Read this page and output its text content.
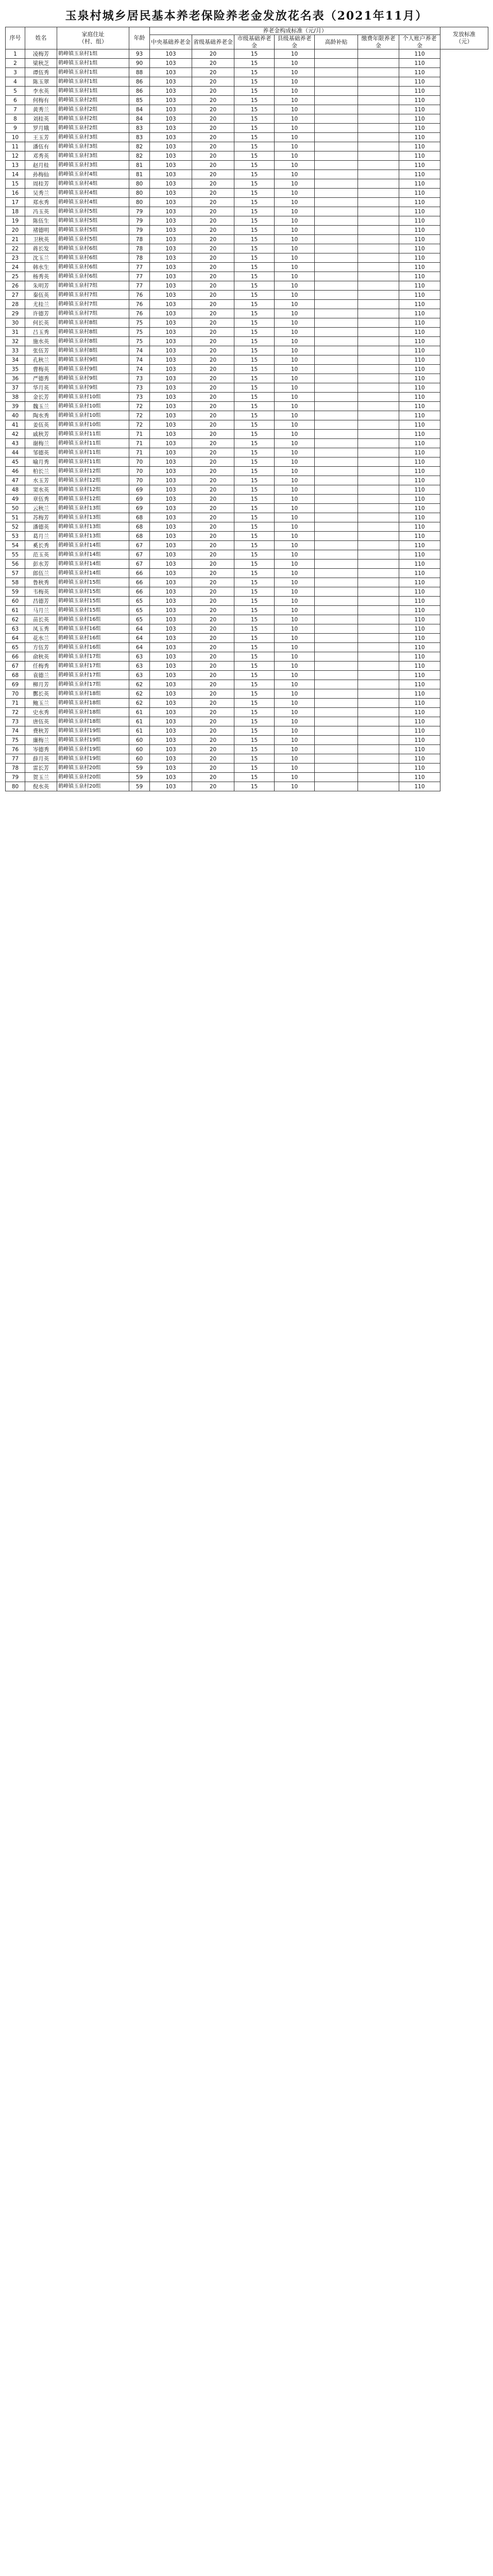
玉泉村城乡居民基本养老保险养老金发放花名表（2021年11月）
序号	姓名	家庭住址
（村、组）	年龄	养老金构成标准（元/月）							发放标准
（元）
				中央基础养老金	省级基础养老金	市级基础养老金	县级基础养老金	高龄补贴	缴费年限养老金	个人账户养老金	
1	凌梅芳	鹤峰镇玉泉村1组	93	103	20	15	10			110	
2	梁秋芝	鹤峰镇玉泉村1组	90	103	20	15	10			110	
3	谭伍秀	鹤峰镇玉泉村1组	88	103	20	15	10			110	
4	陈玉翠	鹤峰镇玉泉村1组	86	103	20	15	10			110	
5	李水英	鹤峰镇玉泉村1组	86	103	20	15	10			110	
6	何梅有	鹤峰镇玉泉村2组	85	103	20	15	10			110	
7	黄秀兰	鹤峰镇玉泉村2组	84	103	20	15	10			110	
8	刘桂英	鹤峰镇玉泉村2组	84	103	20	15	10			110	
9	罗月娥	鹤峰镇玉泉村2组	83	103	20	15	10			110	
10	王玉芳	鹤峰镇玉泉村3组	83	103	20	15	10			110	
11	潘伍有	鹤峰镇玉泉村3组	82	103	20	15	10			110	
12	邓秀英	鹤峰镇玉泉村3组	82	103	20	15	10			110	
13	赵月桂	鹤峰镇玉泉村3组	81	103	20	15	10			110	
14	孙梅仙	鹤峰镇玉泉村4组	81	103	20	15	10			110	
15	周桂芳	鹤峰镇玉泉村4组	80	103	20	15	10			110	
16	吴秀兰	鹤峰镇玉泉村4组	80	103	20	15	10			110	
17	郑水秀	鹤峰镇玉泉村4组	80	103	20	15	10			110	
18	冯玉英	鹤峰镇玉泉村5组	79	103	20	15	10			110	
19	陈伍生	鹤峰镇玉泉村5组	79	103	20	15	10			110	
20	褚德明	鹤峰镇玉泉村5组	79	103	20	15	10			110	
21	卫秋英	鹤峰镇玉泉村5组	78	103	20	15	10			110	
22	蒋长发	鹤峰镇玉泉村6组	78	103	20	15	10			110	
23	沈玉兰	鹤峰镇玉泉村6组	78	103	20	15	10			110	
24	韩水生	鹤峰镇玉泉村6组	77	103	20	15	10			110	
25	杨秀英	鹤峰镇玉泉村6组	77	103	20	15	10			110	
26	朱明芳	鹤峰镇玉泉村7组	77	103	20	15	10			110	
27	秦伍英	鹤峰镇玉泉村7组	76	103	20	15	10			110	
28	尤桂兰	鹤峰镇玉泉村7组	76	103	20	15	10			110	
29	许德芳	鹤峰镇玉泉村7组	76	103	20	15	10			110	
30	何长英	鹤峰镇玉泉村8组	75	103	20	15	10			110	
31	吕玉秀	鹤峰镇玉泉村8组	75	103	20	15	10			110	
32	施水英	鹤峰镇玉泉村8组	75	103	20	15	10			110	
33	张伍芳	鹤峰镇玉泉村8组	74	103	20	15	10			110	
34	孔秋兰	鹤峰镇玉泉村9组	74	103	20	15	10			110	
35	曹梅英	鹤峰镇玉泉村9组	74	103	20	15	10			110	
36	严德秀	鹤峰镇玉泉村9组	73	103	20	15	10			110	
37	华月英	鹤峰镇玉泉村9组	73	103	20	15	10			110	
38	金长芳	鹤峰镇玉泉村10组	73	103	20	15	10			110	
39	魏玉兰	鹤峰镇玉泉村10组	72	103	20	15	10			110	
40	陶水秀	鹤峰镇玉泉村10组	72	103	20	15	10			110	
41	姜伍英	鹤峰镇玉泉村10组	72	103	20	15	10			110	
42	戚秋芳	鹤峰镇玉泉村11组	71	103	20	15	10			110	
43	谢梅兰	鹤峰镇玉泉村11组	71	103	20	15	10			110	
44	邹德英	鹤峰镇玉泉村11组	71	103	20	15	10			110	
45	喻月秀	鹤峰镇玉泉村11组	70	103	20	15	10			110	
46	柏长兰	鹤峰镇玉泉村12组	70	103	20	15	10			110	
47	水玉芳	鹤峰镇玉泉村12组	70	103	20	15	10			110	
48	窦水英	鹤峰镇玉泉村12组	69	103	20	15	10			110	
49	章伍秀	鹤峰镇玉泉村12组	69	103	20	15	10			110	
50	云秋兰	鹤峰镇玉泉村13组	69	103	20	15	10			110	
51	苏梅芳	鹤峰镇玉泉村13组	68	103	20	15	10			110	
52	潘德英	鹤峰镇玉泉村13组	68	103	20	15	10			110	
53	葛月兰	鹤峰镇玉泉村13组	68	103	20	15	10			110	
54	奚长秀	鹤峰镇玉泉村14组	67	103	20	15	10			110	
55	范玉英	鹤峰镇玉泉村14组	67	103	20	15	10			110	
56	彭水芳	鹤峰镇玉泉村14组	67	103	20	15	10			110	
57	郎伍兰	鹤峰镇玉泉村14组	66	103	20	15	10			110	
58	鲁秋秀	鹤峰镇玉泉村15组	66	103	20	15	10			110	
59	韦梅英	鹤峰镇玉泉村15组	66	103	20	15	10			110	
60	昌德芳	鹤峰镇玉泉村15组	65	103	20	15	10			110	
61	马月兰	鹤峰镇玉泉村15组	65	103	20	15	10			110	
62	苗长英	鹤峰镇玉泉村16组	65	103	20	15	10			110	
63	凤玉秀	鹤峰镇玉泉村16组	64	103	20	15	10			110	
64	花水兰	鹤峰镇玉泉村16组	64	103	20	15	10			110	
65	方伍芳	鹤峰镇玉泉村16组	64	103	20	15	10			110	
66	俞秋英	鹤峰镇玉泉村17组	63	103	20	15	10			110	
67	任梅秀	鹤峰镇玉泉村17组	63	103	20	15	10			110	
68	袁德兰	鹤峰镇玉泉村17组	63	103	20	15	10			110	
69	柳月芳	鹤峰镇玉泉村17组	62	103	20	15	10			110	
70	酆长英	鹤峰镇玉泉村18组	62	103	20	15	10			110	
71	鲍玉兰	鹤峰镇玉泉村18组	62	103	20	15	10			110	
72	史水秀	鹤峰镇玉泉村18组	61	103	20	15	10			110	
73	唐伍英	鹤峰镇玉泉村18组	61	103	20	15	10			110	
74	费秋芳	鹤峰镇玉泉村19组	61	103	20	15	10			110	
75	廉梅兰	鹤峰镇玉泉村19组	60	103	20	15	10			110	
76	岑德秀	鹤峰镇玉泉村19组	60	103	20	15	10			110	
77	薛月英	鹤峰镇玉泉村19组	60	103	20	15	10			110	
78	雷长芳	鹤峰镇玉泉村20组	59	103	20	15	10			110	
79	贺玉兰	鹤峰镇玉泉村20组	59	103	20	15	10			110	
80	倪水英	鹤峰镇玉泉村20组	59	103	20	15	10			110	
